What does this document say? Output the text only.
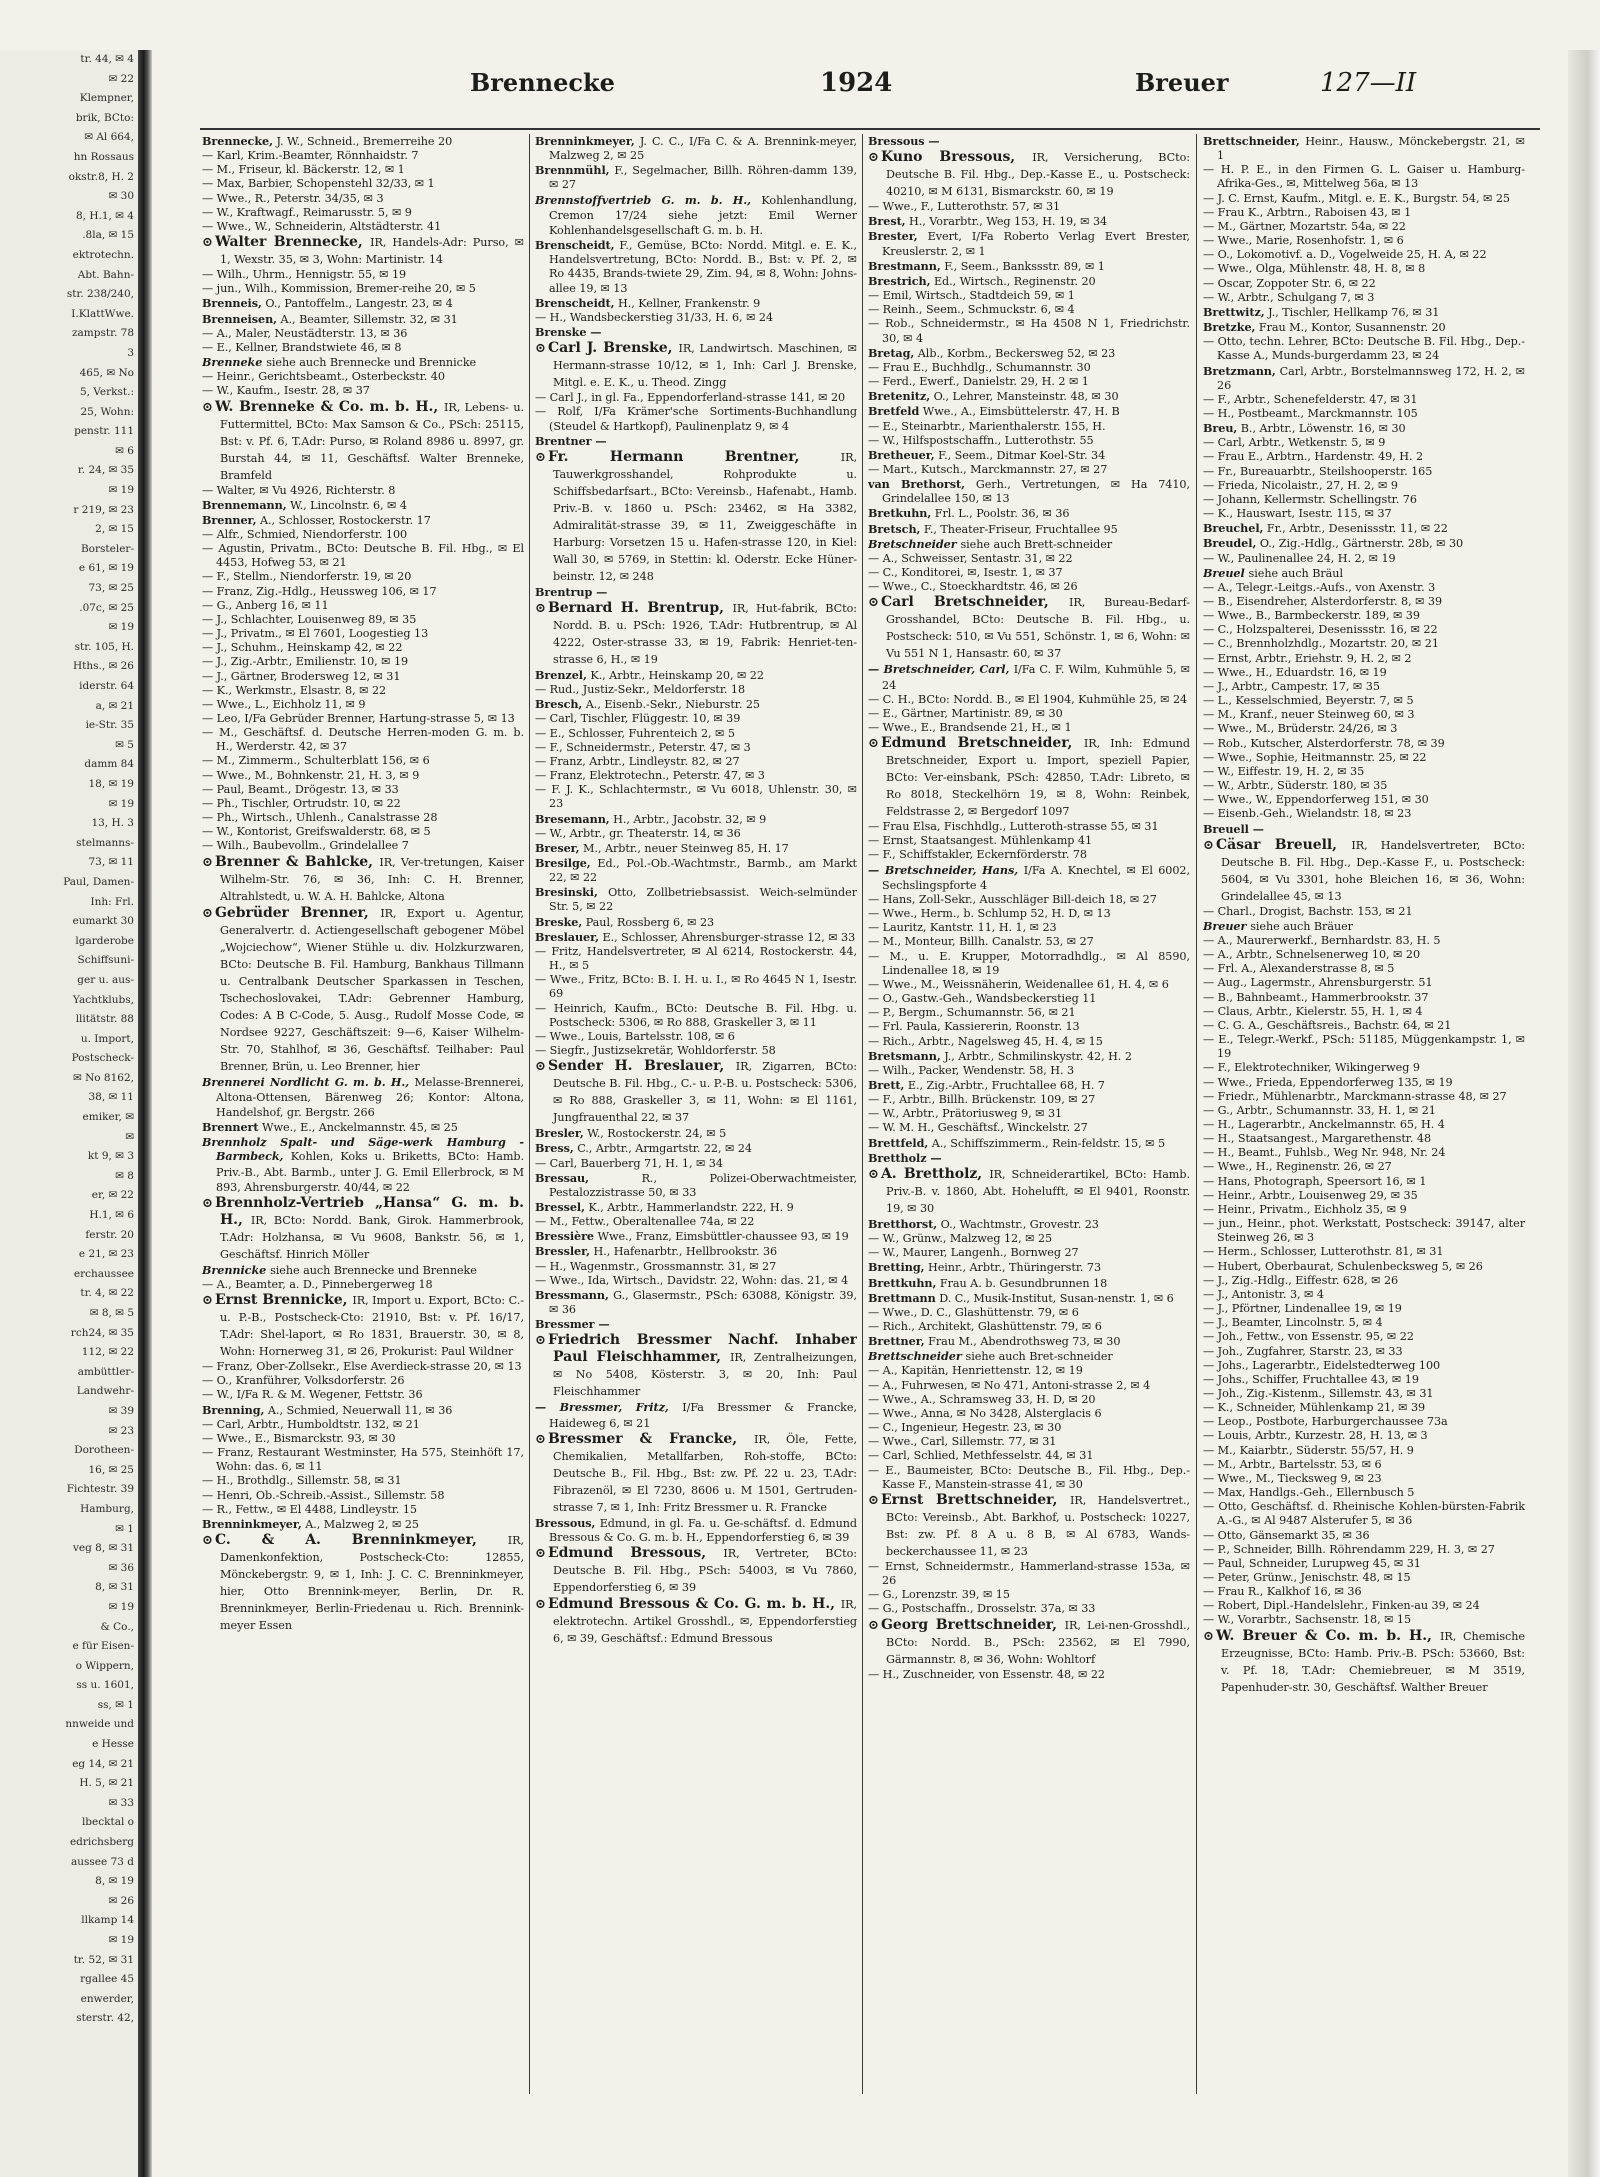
tr. 44, ✉ 4
✉ 22
Klempner,
brik, BCto:
✉ Al 664,
hn Rossaus
okstr.8, H. 2
✉ 30
8, H.1, ✉ 4
.8la, ✉ 15
ektrotechn.
Abt. Bahn-
str. 238/240,
I.KlattWwe.
zampstr. 78
3
465, ✉ No
5, Verkst.:
25, Wohn:
penstr. 111
✉ 6
r. 24, ✉ 35
✉ 19
r 219, ✉ 23
2, ✉ 15
Borsteler-
e 61, ✉ 19
73, ✉ 25
.07c, ✉ 25
✉ 19
str. 105, H.
Hths., ✉ 26
iderstr. 64
a, ✉ 21
ie-Str. 35
✉ 5
damm 84
18, ✉ 19
✉ 19
13, H. 3
stelmanns-
73, ✉ 11
Paul, Damen-
Inh: Frl.
eumarkt 30
lgarderobe
Schiffsuni-
ger u. aus-
Yachtklubs,
llitätstr. 88
u. Import,
Postscheck-
✉ No 8162,
38, ✉ 11
emiker, ✉
✉
kt 9, ✉ 3
✉ 8
er, ✉ 22
H.1, ✉ 6
ferstr. 20
e 21, ✉ 23
erchaussee
tr. 4, ✉ 22
✉ 8, ✉ 5
rch24, ✉ 35
112, ✉ 22
ambüttler-
Landwehr-
✉ 39
✉ 23
Dorotheen-
16, ✉ 25
Fichtestr. 39
Hamburg,
✉ 1
veg 8, ✉ 31
✉ 36
8, ✉ 31
✉ 19
& Co.,
e für Eisen-
o Wippern,
ss u. 1601,
ss, ✉ 1
nnweide und
e Hesse
eg 14, ✉ 21
H. 5, ✉ 21
✉ 33
lbecktal o
edrichsberg
aussee 73 d
8, ✉ 19
✉ 26
llkamp 14
✉ 19
tr. 52, ✉ 31
rgallee 45
enwerder,
sterstr. 42,
Brennecke	1924	Breuer	127—II

Brennecke, J. W., Schneid., Bremerreihe 20

— Karl, Krim.-Beamter, Rönnhaidstr. 7

— M., Friseur, kl. Bäckerstr. 12, ✉ 1

— Max, Barbier, Schopenstehl 32/33, ✉ 1

— Wwe., R., Peterstr. 34/35, ✉ 3

— W., Kraftwagf., Reimarusstr. 5, ✉ 9

— Wwe., W., Schneiderin, Altstädterstr. 41

⊙ Walter Brennecke, IR, Handels-Adr: Purso, ✉ 1, Wexstr. 35, ✉ 3, Wohn: Martinistr. 14

— Wilh., Uhrm., Hennigstr. 55, ✉ 19

— jun., Wilh., Kommission, Bremer-reihe 20, ✉ 5

Brenneis, O., Pantoffelm., Langestr. 23, ✉ 4

Brenneisen, A., Beamter, Sillemstr. 32, ✉ 31

— A., Maler, Neustädterstr. 13, ✉ 36

— E., Kellner, Brandstwiete 46, ✉ 8

Brenneke siehe auch Brennecke und Brennicke

— Heinr., Gerichtsbeamt., Osterbeckstr. 40

— W., Kaufm., Isestr. 28, ✉ 37

⊙ W. Brenneke & Co. m. b. H., IR, Lebens- u. Futtermittel, BCto: Max Samson & Co., PSch: 25115, Bst: v. Pf. 6, T.Adr: Purso, ✉ Roland 8986 u. 8997, gr. Burstah 44, ✉ 11, Geschäftsf. Walter Brenneke, Bramfeld

— Walter, ✉ Vu 4926, Richterstr. 8

Brennemann, W., Lincolnstr. 6, ✉ 4

Brenner, A., Schlosser, Rostockerstr. 17

— Alfr., Schmied, Niendorferstr. 100

— Agustin, Privatm., BCto: Deutsche B. Fil. Hbg., ✉ El 4453, Hofweg 53, ✉ 21

— F., Stellm., Niendorferstr. 19, ✉ 20

— Franz, Zig.-Hdlg., Heussweg 106, ✉ 17

— G., Anberg 16, ✉ 11

— J., Schlachter, Louisenweg 89, ✉ 35

— J., Privatm., ✉ El 7601, Loogestieg 13

— J., Schuhm., Heinskamp 42, ✉ 22

— J., Zig.-Arbtr., Emilienstr. 10, ✉ 19

— J., Gärtner, Brodersweg 12, ✉ 31

— K., Werkmstr., Elsastr. 8, ✉ 22

— Wwe., L., Eichholz 11, ✉ 9

— Leo, I/Fa Gebrüder Brenner, Hartung-strasse 5, ✉ 13

— M., Geschäftsf. d. Deutsche Herren-moden G. m. b. H., Werderstr. 42, ✉ 37

— M., Zimmerm., Schulterblatt 156, ✉ 6

— Wwe., M., Bohnkenstr. 21, H. 3, ✉ 9

— Paul, Beamt., Drögestr. 13, ✉ 33

— Ph., Tischler, Ortrudstr. 10, ✉ 22

— Ph., Wirtsch., Uhlenh., Canalstrasse 28

— W., Kontorist, Greifswalderstr. 68, ✉ 5

— Wilh., Baubevollm., Grindelallee 7

⊙ Brenner & Bahlcke, IR, Ver-tretungen, Kaiser Wilhelm-Str. 76, ✉ 36, Inh: C. H. Brenner, Altrahlstedt, u. W. A. H. Bahlcke, Altona

⊙ Gebrüder Brenner, IR, Export u. Agentur, Generalvertr. d. Actiengesellschaft gebogener Möbel „Wojciechow“, Wiener Stühle u. div. Holzkurzwaren, BCto: Deutsche B. Fil. Hamburg, Bankhaus Tillmann u. Centralbank Deutscher Sparkassen in Teschen, Tschechoslovakei, T.Adr: Gebrenner Hamburg, Codes: A B C-Code, 5. Ausg., Rudolf Mosse Code, ✉ Nordsee 9227, Geschäftszeit: 9—6, Kaiser Wilhelm-Str. 70, Stahlhof, ✉ 36, Geschäftsf. Teilhaber: Paul Brenner, Brün, u. Leo Brenner, hier

Brennerei Nordlicht G. m. b. H., Melasse-Brennerei, Altona-Ottensen, Bärenweg 26; Kontor: Altona, Handelshof, gr. Bergstr. 266

Brennert Wwe., E., Anckelmannstr. 45, ✉ 25

Brennholz Spalt- und Säge-werk Hamburg - Barmbeck, Kohlen, Koks u. Briketts, BCto: Hamb. Priv.-B., Abt. Barmb., unter J. G. Emil Ellerbrock, ✉ M 893, Ahrensburgerstr. 40/44, ✉ 22

⊙ Brennholz-Vertrieb „Hansa“ G. m. b. H., IR, BCto: Nordd. Bank, Girok. Hammerbrook, T.Adr: Holzhansa, ✉ Vu 9608, Bankstr. 56, ✉ 1, Geschäftsf. Hinrich Möller

Brennicke siehe auch Brennecke und Brenneke

— A., Beamter, a. D., Pinnebergerweg 18

⊙ Ernst Brennicke, IR, Import u. Export, BCto: C.- u. P.-B., Postscheck-Cto: 21910, Bst: v. Pf. 16/17, T.Adr: Shel-laport, ✉ Ro 1831, Brauerstr. 30, ✉ 8, Wohn: Hornerweg 31, ✉ 26, Prokurist: Paul Wildner

— Franz, Ober-Zollsekr., Else Averdieck-strasse 20, ✉ 13

— O., Kranführer, Volksdorferstr. 26

— W., I/Fa R. & M. Wegener, Fettstr. 36

Brenning, A., Schmied, Neuerwall 11, ✉ 36

— Carl, Arbtr., Humboldtstr. 132, ✉ 21

— Wwe., E., Bismarckstr. 93, ✉ 30

— Franz, Restaurant Westminster, Ha 575, Steinhöft 17, Wohn: das. 6, ✉ 11

— H., Brothdlg., Sillemstr. 58, ✉ 31

— Henri, Ob.-Schreib.-Assist., Sillemstr. 58

— R., Fettw., ✉ El 4488, Lindleystr. 15

Brenninkmeyer, A., Malzweg 2, ✉ 25

⊙ C. & A. Brenninkmeyer,	IR, Damenkonfektion, Postscheck-Cto: 12855, Mönckebergstr. 9, ✉ 1, Inh: J. C. C. Brenninkmeyer, hier, Otto Brennink-meyer, Berlin, Dr. R. Brenninkmeyer, Berlin-Friedenau u. Rich. Brennink-meyer Essen

Brenninkmeyer, J. C. C., I/Fa C. & A. Brennink-meyer, Malzweg 2, ✉ 25

Brennmühl, F., Segelmacher, Billh. Röhren-damm 139, ✉ 27

Brennstoffvertrieb G. m. b. H., Kohlenhandlung, Cremon 17/24 siehe jetzt: Emil Werner Kohlenhandelsgesellschaft G. m. b. H.

Brenscheidt, F., Gemüse, BCto: Nordd. Mitgl. e. E. K., Handelsvertretung, BCto: Nordd. B., Bst: v. Pf. 2, ✉ Ro 4435, Brands-twiete 29, Zim. 94, ✉ 8, Wohn: Johns-allee 19, ✉ 13

Brenscheidt, H., Kellner, Frankenstr. 9

— H., Wandsbeckerstieg 31/33, H. 6, ✉ 24

Brenske —

⊙ Carl J. Brenske, IR, Landwirtsch. Maschinen, ✉ Hermann-strasse 10/12, ✉ 1, Inh: Carl J. Brenske, Mitgl. e. E. K., u. Theod. Zingg

— Carl J., in gl. Fa., Eppendorferland-strasse 141, ✉ 20

— Rolf, I/Fa Krämer'sche Sortiments-Buchhandlung (Steudel & Hartkopf), Paulinenplatz 9, ✉ 4

Brentner —

⊙ Fr. Hermann Brentner,	IR, Tauwerkgrosshandel, Rohprodukte u. Schiffsbedarfsart., BCto: Vereinsb., Hafenabt., Hamb. Priv.-B. v. 1860 u. PSch: 23462, ✉ Ha 3382, Admiralität-strasse 39, ✉ 11, Zweiggeschäfte in Harburg: Vorsetzen 15 u. Hafen-strasse 120, in Kiel: Wall 30, ✉ 5769, in Stettin: kl. Oderstr. Ecke Hüner-beinstr. 12, ✉ 248

Brentrup —

⊙ Bernard H. Brentrup, IR, Hut-fabrik, BCto: Nordd. B. u. PSch: 1926, T.Adr: Hutbrentrup, ✉ Al 4222, Oster-strasse 33, ✉ 19, Fabrik: Henriet-ten-strasse 6, H., ✉ 19

Brenzel, K., Arbtr., Heinskamp 20, ✉ 22

— Rud., Justiz-Sekr., Meldorferstr. 18

Bresch, A., Eisenb.-Sekr., Nieburstr. 25

— Carl, Tischler, Flüggestr. 10, ✉ 39

— E., Schlosser, Fuhrenteich 2, ✉ 5

— F., Schneidermstr., Peterstr. 47, ✉ 3

— Franz, Arbtr., Lindleystr. 82, ✉ 27

— Franz, Elektrotechn., Peterstr. 47, ✉ 3

— F. J. K., Schlachtermstr., ✉ Vu 6018, Uhlenstr. 30, ✉ 23

Bresemann, H., Arbtr., Jacobstr. 32, ✉ 9

— W., Arbtr., gr. Theaterstr. 14, ✉ 36

Breser, M., Arbtr., neuer Steinweg 85, H. 17

Bresilge, Ed., Pol.-Ob.-Wachtmstr., Barmb., am Markt 22, ✉ 22

Bresinski, Otto, Zollbetriebsassist. Weich-selmünder Str. 5, ✉ 22

Breske, Paul, Rossberg 6, ✉ 23

Breslauer, E., Schlosser, Ahrensburger-strasse 12, ✉ 33

— Fritz, Handelsvertreter, ✉ Al 6214, Rostockerstr. 44, H., ✉ 5

— Wwe., Fritz, BCto: B. I. H. u. I., ✉ Ro 4645 N 1, Isestr. 69

— Heinrich, Kaufm., BCto: Deutsche B. Fil. Hbg. u. Postscheck: 5306, ✉ Ro 888, Graskeller 3, ✉ 11

— Wwe., Louis, Bartelsstr. 108, ✉ 6

— Siegfr., Justizsekretär, Wohldorferstr. 58

⊙ Sender H. Breslauer, IR, Zigarren, BCto: Deutsche B. Fil. Hbg., C.- u. P.-B. u. Postscheck: 5306, ✉ Ro 888, Graskeller 3, ✉ 11, Wohn: ✉ El 1161, Jungfrauenthal 22, ✉ 37

Bresler, W., Rostockerstr. 24, ✉ 5

Bress, C., Arbtr., Armgartstr. 22, ✉ 24

— Carl, Bauerberg 71, H. 1, ✉ 34

Bressau,	R., Polizei-Oberwachtmeister, Pestalozzistrasse 50, ✉ 33

Bressel, K., Arbtr., Hammerlandstr. 222, H. 9

— M., Fettw., Oberaltenallee 74a, ✉ 22

Bressière Wwe., Franz, Eimsbüttler-chaussee 93, ✉ 19

Bressler, H., Hafenarbtr., Hellbrookstr. 36

— H., Wagenmstr., Grossmannstr. 31, ✉ 27

— Wwe., Ida, Wirtsch., Davidstr. 22, Wohn: das. 21, ✉ 4

Bressmann, G., Glasermstr., PSch: 63088, Königstr. 39, ✉ 36

Bressmer —

⊙ Friedrich Bressmer Nachf. Inhaber Paul Fleischhammer, IR, Zentralheizungen, ✉ No 5408, Kösterstr. 3, ✉ 20, Inh: Paul Fleischhammer

— Bressmer, Fritz, I/Fa Bressmer & Francke, Haideweg 6, ✉ 21

⊙ Bressmer & Francke, IR, Öle, Fette, Chemikalien, Metallfarben, Roh-stoffe, BCto: Deutsche B., Fil. Hbg., Bst: zw. Pf. 22 u. 23, T.Adr: Fibrazenöl, ✉ El 7230, 8606 u. M 1501, Gertruden-strasse 7, ✉ 1, Inh: Fritz Bressmer u. R. Francke

Bressous, Edmund, in gl. Fa. u. Ge-schäftsf. d. Edmund Bressous & Co. G. m. b. H., Eppendorferstieg 6, ✉ 39

⊙ Edmund Bressous, IR, Vertreter, BCto: Deutsche B. Fil. Hbg., PSch: 54003, ✉ Vu 7860, Eppendorferstieg 6, ✉ 39

⊙ Edmund Bressous & Co. G. m. b. H., IR, elektrotechn. Artikel Grosshdl., ✉, Eppendorferstieg 6, ✉ 39, Geschäftsf.: Edmund Bressous

Bressous —

⊙ Kuno Bressous, IR, Versicherung, BCto: Deutsche B. Fil. Hbg., Dep.-Kasse E., u. Postscheck: 40210, ✉ M 6131, Bismarckstr. 60, ✉ 19

— Wwe., F., Lutterothstr. 57, ✉ 31

Brest, H., Vorarbtr., Weg 153, H. 19, ✉ 34

Brester, Evert, I/Fa Roberto Verlag Evert Brester, Kreuslerstr. 2, ✉ 1

Brestmann, F., Seem., Bankssstr. 89, ✉ 1

Brestrich, Ed., Wirtsch., Reginenstr. 20

— Emil, Wirtsch., Stadtdeich 59, ✉ 1

— Reinh., Seem., Schmuckstr. 6, ✉ 4

— Rob., Schneidermstr., ✉ Ha 4508 N 1, Friedrichstr. 30, ✉ 4

Bretag, Alb., Korbm., Beckersweg 52, ✉ 23

— Frau E., Buchhdlg., Schumannstr. 30

— Ferd., Ewerf., Danielstr. 29, H. 2 ✉ 1

Bretenitz, O., Lehrer, Mansteinstr. 48, ✉ 30

Bretfeld Wwe., A., Eimsbüttelerstr. 47, H. B

— E., Steinarbtr., Marienthalerstr. 155, H.

— W., Hilfspostschaffn., Lutterothstr. 55

Bretheuer, F., Seem., Ditmar Koel-Str. 34

— Mart., Kutsch., Marckmannstr. 27, ✉ 27

van Brethorst, Gerh., Vertretungen, ✉ Ha 7410, Grindelallee 150, ✉ 13

Bretkuhn, Frl. L., Poolstr. 36, ✉ 36

Bretsch, F., Theater-Friseur, Fruchtallee 95

Bretschneider siehe auch Brett-schneider

— A., Schweisser, Sentastr. 31, ✉ 22

— C., Konditorei, ✉, Isestr. 1, ✉ 37

— Wwe., C., Stoeckhardtstr. 46, ✉ 26

⊙ Carl Bretschneider, IR, Bureau-Bedarf-Grosshandel, BCto: Deutsche B. Fil. Hbg., u. Postscheck: 510, ✉ Vu 551, Schönstr. 1, ✉ 6, Wohn: ✉ Vu 551 N 1, Hansastr. 60, ✉ 37

— Bretschneider, Carl, I/Fa C. F. Wilm, Kuhmühle 5, ✉ 24

— C. H., BCto: Nordd. B., ✉ El 1904, Kuhmühle 25, ✉ 24

— E., Gärtner, Martinistr. 89, ✉ 30

— Wwe., E., Brandsende 21, H., ✉ 1

⊙ Edmund Bretschneider, IR, Inh: Edmund Bretschneider, Export u. Import, speziell Papier, BCto: Ver-einsbank, PSch: 42850, T.Adr: Libreto, ✉ Ro 8018, Steckelhörn 19, ✉ 8, Wohn: Reinbek, Feldstrasse 2, ✉ Bergedorf 1097

— Frau Elsa, Fischhdlg., Lutteroth-strasse 55, ✉ 31

— Ernst, Staatsangest. Mühlenkamp 41

— F., Schiffstakler, Eckernförderstr. 78

— Bretschneider, Hans, I/Fa A. Knechtel, ✉ El 6002, Sechslingspforte 4

— Hans, Zoll-Sekr., Ausschläger Bill-deich 18, ✉ 27

— Wwe., Herm., b. Schlump 52, H. D, ✉ 13

— Lauritz, Kantstr. 11, H. 1, ✉ 23

— M., Monteur, Billh. Canalstr. 53, ✉ 27

— M., u. E. Krupper, Motorradhdlg., ✉ Al 8590, Lindenallee 18, ✉ 19

— Wwe., M., Weissnäherin, Weidenallee 61, H. 4, ✉ 6

— O., Gastw.-Geh., Wandsbeckerstieg 11

— P., Bergm., Schumannstr. 56, ✉ 21

— Frl. Paula, Kassiererin, Roonstr. 13

— Rich., Arbtr., Nagelsweg 45, H. 4, ✉ 15

Bretsmann, J., Arbtr., Schmilinskystr. 42, H. 2

— Wilh., Packer, Wendenstr. 58, H. 3

Brett, E., Zig.-Arbtr., Fruchtallee 68, H. 7

— F., Arbtr., Billh. Brückenstr. 109, ✉ 27

— W., Arbtr., Prätoriusweg 9, ✉ 31

— W. M. H., Geschäftsf., Winckelstr. 27

Brettfeld, A., Schiffszimmerm., Rein-feldstr. 15, ✉ 5

Brettholz —

⊙ A. Brettholz, IR, Schneiderartikel, BCto: Hamb. Priv.-B. v. 1860, Abt. Hohelufft, ✉ El 9401, Roonstr. 19, ✉ 30

Bretthorst, O., Wachtmstr., Grovestr. 23

— W., Grünw., Malzweg 12, ✉ 25

— W., Maurer, Langenh., Bornweg 27

Bretting, Heinr., Arbtr., Thüringerstr. 73

Brettkuhn, Frau A. b. Gesundbrunnen 18

Brettmann D. C., Musik-Institut, Susan-nenstr. 1, ✉ 6

— Wwe., D. C., Glashüttenstr. 79, ✉ 6

— Rich., Architekt, Glashüttenstr. 79, ✉ 6

Brettner, Frau M., Abendrothsweg 73, ✉ 30

Brettschneider siehe auch Bret-schneider

— A., Kapitän, Henriettenstr. 12, ✉ 19

— A., Fuhrwesen, ✉ No 471, Antoni-strasse 2, ✉ 4

— Wwe., A., Schramsweg 33, H. D, ✉ 20

— Wwe., Anna, ✉ No 3428, Alsterglacis 6

— C., Ingenieur, Hegestr. 23, ✉ 30

— Wwe., Carl, Sillemstr. 77, ✉ 31

— Carl, Schlied, Methfesselstr. 44, ✉ 31

— E., Baumeister, BCto: Deutsche B., Fil. Hbg., Dep.-Kasse F., Manstein-strasse 41, ✉ 30

⊙ Ernst Brettschneider, IR, Handelsvertret., BCto: Vereinsb., Abt. Barkhof, u. Postscheck: 10227, Bst: zw. Pf. 8 A u. 8 B, ✉ Al 6783, Wands-beckerchaussee 11, ✉ 23

— Ernst, Schneidermstr., Hammerland-strasse 153a, ✉ 26

— G., Lorenzstr. 39, ✉ 15

— G., Postschaffn., Drosselstr. 37a, ✉ 33

⊙ Georg Brettschneider, IR, Lei-nen-Grosshdl., BCto: Nordd. B., PSch: 23562, ✉ El 7990, Gärmannstr. 8, ✉ 36, Wohn: Wohltorf

— H., Zuschneider, von Essenstr. 48, ✉ 22

Brettschneider, Heinr., Hausw., Mönckebergstr. 21, ✉ 1

— H. P. E., in den Firmen G. L. Gaiser u. Hamburg-Afrika-Ges., ✉, Mittelweg 56a, ✉ 13

— J. C. Ernst, Kaufm., Mitgl. e. E. K., Burgstr. 54, ✉ 25

— Frau K., Arbtrn., Raboisen 43, ✉ 1

— M., Gärtner, Mozartstr. 54a, ✉ 22

— Wwe., Marie, Rosenhofstr. 1, ✉ 6

— O., Lokomotivf. a. D., Vogelweide 25, H. A, ✉ 22

— Wwe., Olga, Mühlenstr. 48, H. 8, ✉ 8

— Oscar, Zoppoter Str. 6, ✉ 22

— W., Arbtr., Schulgang 7, ✉ 3

Brettwitz, J., Tischler, Hellkamp 76, ✉ 31

Bretzke, Frau M., Kontor, Susannenstr. 20

— Otto, techn. Lehrer, BCto: Deutsche B. Fil. Hbg., Dep.-Kasse A., Munds-burgerdamm 23, ✉ 24

Bretzmann, Carl, Arbtr., Borstelmannsweg 172, H. 2, ✉ 26

— F., Arbtr., Schenefelderstr. 47, ✉ 31

— H., Postbeamt., Marckmannstr. 105

Breu, B., Arbtr., Löwenstr. 16, ✉ 30

— Carl, Arbtr., Wetkenstr. 5, ✉ 9

— Frau E., Arbtrn., Hardenstr. 49, H. 2

— Fr., Bureauarbtr., Steilshooperstr. 165

— Frieda, Nicolaistr., 27, H. 2, ✉ 9

— Johann, Kellermstr. Schellingstr. 76

— K., Hauswart, Isestr. 115, ✉ 37

Breuchel, Fr., Arbtr., Desenissstr. 11, ✉ 22

Breudel, O., Zig.-Hdlg., Gärtnerstr. 28b, ✉ 30

— W., Paulinenallee 24, H. 2, ✉ 19

Breuel siehe auch Bräul

— A., Telegr.-Leitgs.-Aufs., von Axenstr. 3

— B., Eisendreher, Alsterdorferstr. 8, ✉ 39

— Wwe., B., Barmbeckerstr. 189, ✉ 39

— C., Holzspalterei, Desenissstr. 16, ✉ 22

— C., Brennholzhdlg., Mozartstr. 20, ✉ 21

— Ernst, Arbtr., Eriehstr. 9, H. 2, ✉ 2

— Wwe., H., Eduardstr. 16, ✉ 19

— J., Arbtr., Campestr. 17, ✉ 35

— L., Kesselschmied, Beyerstr. 7, ✉ 5

— M., Kranf., neuer Steinweg 60, ✉ 3

— Wwe., M., Brüderstr. 24/26, ✉ 3

— Rob., Kutscher, Alsterdorferstr. 78, ✉ 39

— Wwe., Sophie, Heitmannstr. 25, ✉ 22

— W., Eiffestr. 19, H. 2, ✉ 35

— W., Arbtr., Süderstr. 180, ✉ 35

— Wwe., W., Eppendorferweg 151, ✉ 30

— Eisenb.-Geh., Wielandstr. 18, ✉ 23

Breuell —

⊙ Cäsar Breuell, IR, Handelsvertreter, BCto: Deutsche B. Fil. Hbg., Dep.-Kasse F., u. Postscheck: 5604, ✉ Vu 3301, hohe Bleichen 16, ✉ 36, Wohn: Grindelallee 45, ✉ 13

— Charl., Drogist, Bachstr. 153, ✉ 21

Breuer siehe auch Bräuer

— A., Maurerwerkf., Bernhardstr. 83, H. 5

— A., Arbtr., Schnelsenerweg 10, ✉ 20

— Frl. A., Alexanderstrasse 8, ✉ 5

— Aug., Lagermstr., Ahrensburgerstr. 51

— B., Bahnbeamt., Hammerbrookstr. 37

— Claus, Arbtr., Kielerstr. 55, H. 1, ✉ 4

— C. G. A., Geschäftsreis., Bachstr. 64, ✉ 21

— E., Telegr.-Werkf., PSch: 51185, Müggenkampstr. 1, ✉ 19

— F., Elektrotechniker, Wikingerweg 9

— Wwe., Frieda, Eppendorferweg 135, ✉ 19

— Friedr., Mühlenarbtr., Marckmann-strasse 48, ✉ 27

— G., Arbtr., Schumannstr. 33, H. 1, ✉ 21

— H., Lagerarbtr., Anckelmannstr. 65, H. 4

— H., Staatsangest., Margarethenstr. 48

— H., Beamt., Fuhlsb., Weg Nr. 948, Nr. 24

— Wwe., H., Reginenstr. 26, ✉ 27

— Hans, Photograph, Speersort 16, ✉ 1

— Heinr., Arbtr., Louisenweg 29, ✉ 35

— Heinr., Privatm., Eichholz 35, ✉ 9

— jun., Heinr., phot. Werkstatt, Postscheck: 39147, alter Steinweg 26, ✉ 3

— Herm., Schlosser, Lutterothstr. 81, ✉ 31

— Hubert, Oberbaurat, Schulenbecksweg 5, ✉ 26

— J., Zig.-Hdlg., Eiffestr. 628, ✉ 26

— J., Antonistr. 3, ✉ 4

— J., Pförtner, Lindenallee 19, ✉ 19

— J., Beamter, Lincolnstr. 5, ✉ 4

— Joh., Fettw., von Essenstr. 95, ✉ 22

— Joh., Zugfahrer, Starstr. 23, ✉ 33

— Johs., Lagerarbtr., Eidelstedterweg 100

— Johs., Schiffer, Fruchtallee 43, ✉ 19

— Joh., Zig.-Kistenm., Sillemstr. 43, ✉ 31

— K., Schneider, Mühlenkamp 21, ✉ 39

— Leop., Postbote, Harburgerchaussee 73a

— Louis, Arbtr., Kurzestr. 28, H. 13, ✉ 3

— M., Kaiarbtr., Süderstr. 55/57, H. 9

— M., Arbtr., Bartelsstr. 53, ✉ 6

— Wwe., M., Tiecksweg 9, ✉ 23

— Max, Handlgs.-Geh., Ellernbusch 5

— Otto, Geschäftsf. d. Rheinische Kohlen-bürsten-Fabrik A.-G., ✉ Al 9487 Alsterufer 5, ✉ 36

— Otto, Gänsemarkt 35, ✉ 36

— P., Schneider, Billh. Röhrendamm 229, H. 3, ✉ 27

— Paul, Schneider, Lurupweg 45, ✉ 31

— Peter, Grünw., Jenischstr. 48, ✉ 15

— Frau R., Kalkhof 16, ✉ 36

— Robert, Dipl.-Handelslehr., Finken-au 39, ✉ 24

— W., Vorarbtr., Sachsenstr. 18, ✉ 15

⊙ W. Breuer & Co. m. b. H., IR, Chemische Erzeugnisse, BCto: Hamb. Priv.-B. PSch: 53660, Bst: v. Pf. 18, T.Adr: Chemiebreuer, ✉ M 3519, Papenhuder-str. 30, Geschäftsf. Walther Breuer
